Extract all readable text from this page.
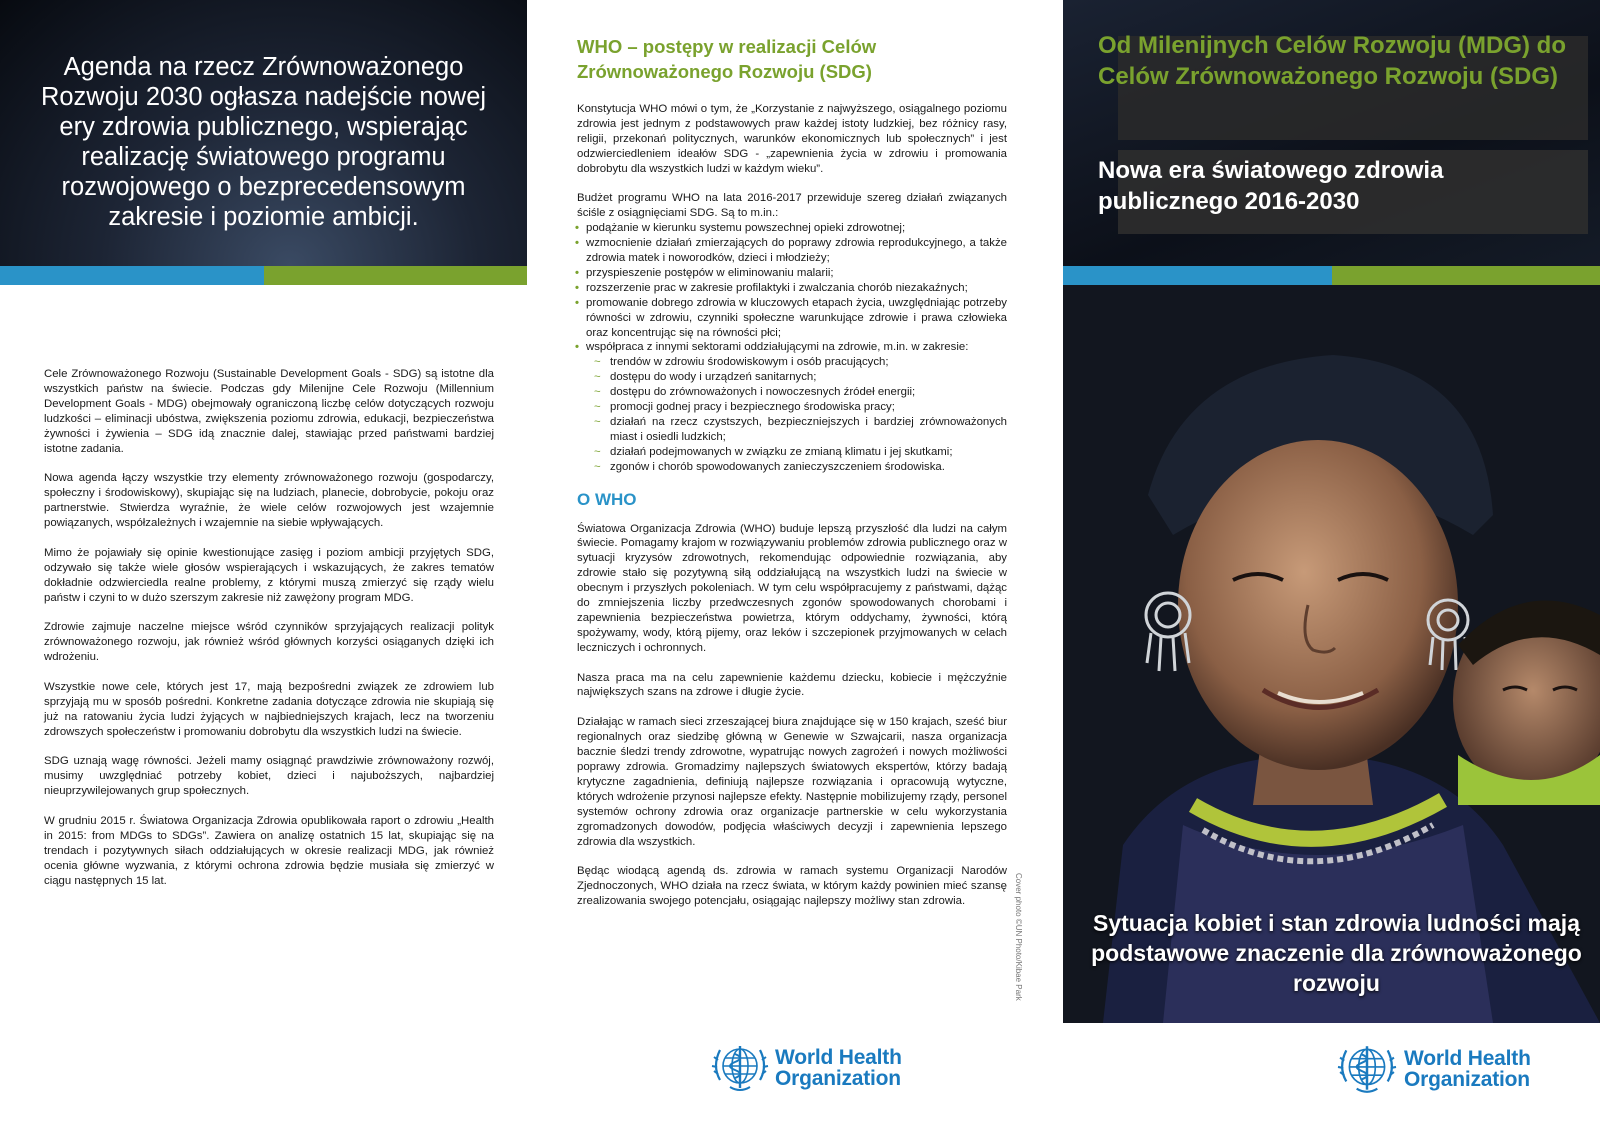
Agenda na rzecz Zrównoważonego Rozwoju 2030 ogłasza nadejście nowej ery zdrowia publicznego, wspierając realizację światowego programu rozwojowego o bezprecedensowym zakresie i poziomie ambicji.

Cele Zrównoważonego Rozwoju (Sustainable Development Goals - SDG) są istotne dla wszystkich państw na świecie. Podczas gdy Milenijne Cele Rozwoju (Millennium Development Goals - MDG) obejmowały ograniczoną liczbę celów dotyczących rozwoju ludzkości – eliminacji ubóstwa, zwiększenia poziomu zdrowia, edukacji, bezpieczeństwa żywności i żywienia – SDG idą znacznie dalej, stawiając przed państwami bardziej istotne zadania.

Nowa agenda łączy wszystkie trzy elementy zrównoważonego rozwoju (gospodarczy, społeczny i środowiskowy), skupiając się na ludziach, planecie, dobrobycie, pokoju oraz partnerstwie. Stwierdza wyraźnie, że wiele celów rozwojowych jest wzajemnie powiązanych, współzależnych i wzajemnie na siebie wpływających.

Mimo że pojawiały się opinie kwestionujące zasięg i poziom ambicji przyjętych SDG, odzywało się także wiele głosów wspierających i wskazujących, że zakres tematów dokładnie odzwierciedla realne problemy, z którymi muszą zmierzyć się rządy wielu państw i czyni to w dużo szerszym zakresie niż zawężony program MDG.

Zdrowie zajmuje naczelne miejsce wśród czynników sprzyjających realizacji polityk zrównoważonego rozwoju, jak również wśród głównych korzyści osiąganych dzięki ich wdrożeniu.

Wszystkie nowe cele, których jest 17, mają bezpośredni związek ze zdrowiem lub sprzyjają mu w sposób pośredni. Konkretne zadania dotyczące zdrowia nie skupiają się już na ratowaniu życia ludzi żyjących w najbiedniejszych krajach, lecz na tworzeniu zdrowszych społeczeństw i promowaniu dobrobytu dla wszystkich ludzi na świecie.

SDG uznają wagę równości. Jeżeli mamy osiągnąć prawdziwie zrównoważony rozwój, musimy uwzględniać potrzeby kobiet, dzieci i najuboższych, najbardziej nieuprzywilejowanych grup społecznych.

W grudniu 2015 r. Światowa Organizacja Zdrowia opublikowała raport o zdrowiu „Health in 2015: from MDGs to SDGs”. Zawiera on analizę ostatnich 15 lat, skupiając się na trendach i pozytywnych siłach oddziałujących w okresie realizacji MDG, jak również ocenia główne wyzwania, z którymi ochrona zdrowia będzie musiała się zmierzyć w ciągu następnych 15 lat.

WHO – postępy w realizacji Celów Zrównoważonego Rozwoju (SDG)

Konstytucja WHO mówi o tym, że „Korzystanie z najwyższego, osiągalnego poziomu zdrowia jest jednym z podstawowych praw każdej istoty ludzkiej, bez różnicy rasy, religii, przekonań politycznych, warunków ekonomicznych lub społecznych” i jest odzwierciedleniem ideałów SDG - „zapewnienia życia w zdrowiu i promowania dobrobytu dla wszystkich ludzi w każdym wieku”.

Budżet programu WHO na lata 2016-2017 przewiduje szereg działań związanych ściśle z osiągnięciami SDG. Są to m.in.:

• podążanie w kierunku systemu powszechnej opieki zdrowotnej;
• wzmocnienie działań zmierzających do poprawy zdrowia reprodukcyjnego, a także zdrowia matek i noworodków, dzieci i młodzieży;
• przyspieszenie postępów w eliminowaniu malarii;
• rozszerzenie prac w zakresie profilaktyki i zwalczania chorób niezakaźnych;
• promowanie dobrego zdrowia w kluczowych etapach życia, uwzględniając potrzeby równości w zdrowiu, czynniki społeczne warunkujące zdrowie i prawa człowieka oraz koncentrując się na równości płci;
• współpraca z innymi sektorami oddziałującymi na zdrowie, m.in. w zakresie:
~ trendów w zdrowiu środowiskowym i osób pracujących;
~ dostępu do wody i urządzeń sanitarnych;
~ dostępu do zrównoważonych i nowoczesnych źródeł energii;
~ promocji godnej pracy i bezpiecznego środowiska pracy;
~ działań na rzecz czystszych, bezpieczniejszych i bardziej zrównoważonych miast i osiedli ludzkich;
~ działań podejmowanych w związku ze zmianą klimatu i jej skutkami;
~ zgonów i chorób spowodowanych zanieczyszczeniem środowiska.
O WHO

Światowa Organizacja Zdrowia (WHO) buduje lepszą przyszłość dla ludzi na całym świecie. Pomagamy krajom w rozwiązywaniu problemów zdrowia publicznego oraz w sytuacji kryzysów zdrowotnych, rekomendując odpowiednie rozwiązania, aby zdrowie stało się pozytywną siłą oddziałującą na wszystkich ludzi na świecie w obecnym i przyszłych pokoleniach. W tym celu współpracujemy z państwami, dążąc do zmniejszenia liczby przedwczesnych zgonów spowodowanych chorobami i zapewnienia bezpieczeństwa powietrza, którym oddychamy, żywności, którą spożywamy, wody, którą pijemy, oraz leków i szczepionek przyjmowanych w celach leczniczych i ochronnych.

Nasza praca ma na celu zapewnienie każdemu dziecku, kobiecie i mężczyźnie największych szans na zdrowe i długie życie.

Działając w ramach sieci zrzeszającej biura znajdujące się w 150 krajach, sześć biur regionalnych oraz siedzibę główną w Genewie w Szwajcarii, nasza organizacja bacznie śledzi trendy zdrowotne, wypatrując nowych zagrożeń i nowych możliwości poprawy zdrowia. Gromadzimy najlepszych światowych ekspertów, którzy badają krytyczne zagadnienia, definiują najlepsze rozwiązania i opracowują wytyczne, których wdrożenie przynosi najlepsze efekty. Następnie mobilizujemy rządy, personel systemów ochrony zdrowia oraz organizacje partnerskie w celu wykorzystania zgromadzonych dowodów, podjęcia właściwych decyzji i zapewnienia lepszego zdrowia dla wszystkich.

Będąc wiodącą agendą ds. zdrowia w ramach systemu Organizacji Narodów Zjednoczonych, WHO działa na rzecz świata, w którym każdy powinien mieć szansę zrealizowania swojego potencjału, osiągając najlepszy możliwy stan zdrowia.	Cover photo ©UN Photo/Kibae Park
World Health
Organization
Od Milenijnych Celów Rozwoju (MDG) do Celów Zrównoważonego Rozwoju (SDG)
Nowa era światowego zdrowia publicznego 2016-2030
Sytuacja kobiet i stan zdrowia ludności mają podstawowe znaczenie dla zrównoważonego rozwoju
World Health
Organization
